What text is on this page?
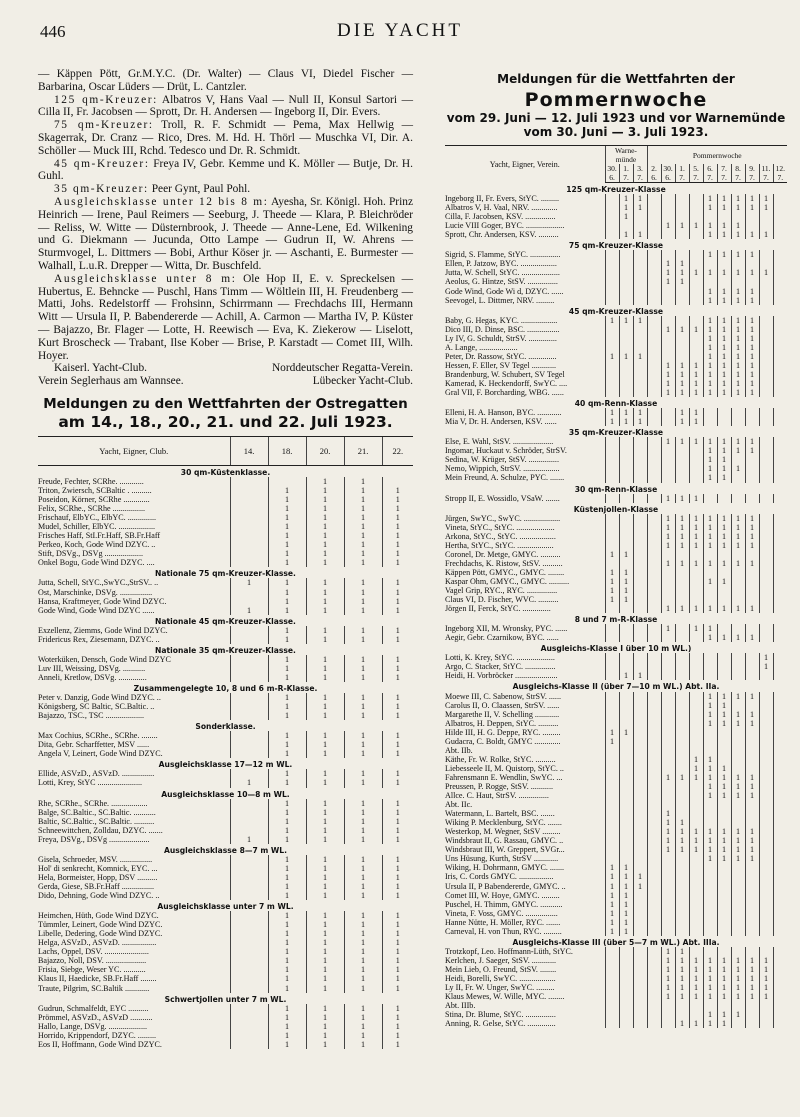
446	DIE YACHT

— Käppen Pött, Gr.M.Y.C. (Dr. Walter) — Claus VI, Diedel Fischer — Barbarina, Oscar Lüders — Drüt, L. Cantzler.

125 qm-Kreuzer: Albatros V, Hans Vaal — Null II, Konsul Sartori — Cilla II, Fr. Jacobsen — Sprott, Dr. H. Andersen — Ingeborg II, Dir. Evers.

75 qm-Kreuzer: Troll, R. F. Schmidt — Pema, Max Hellwig — Skagerrak, Dr. Cranz — Rico, Dres. M. Hd. H. Thörl — Muschka VI, Dir. A. Schöller — Muck III, Rchd. Tedesco und Dr. R. Schmidt.

45 qm-Kreuzer: Freya IV, Gebr. Kemme und K. Möller — Butje, Dr. H. Guhl.

35 qm-Kreuzer: Peer Gynt, Paul Pohl.

Ausgleichsklasse unter 12 bis 8 m: Ayesha, Sr. Königl. Hoh. Prinz Heinrich — Irene, Paul Reimers — Seeburg, J. Theede — Klara, P. Bleichröder — Reliss, W. Witte — Düsternbrook, J. Theede — Anne-Lene, Ed. Wilkening und G. Diekmann — Jucunda, Otto Lampe — Gudrun II, W. Ahrens — Sturmvogel, L. Dittmers — Bobi, Arthur Köser jr. — Aschanti, E. Burmester — Walhall, L.u.R. Drepper — Witta, Dr. Buschfeld.

Ausgleichsklasse unter 8 m: Ole Hop II, E. v. Spreckelsen — Hubertus, E. Behncke — Puschl, Hans Timm — Wöltlein III, H. Freudenberg — Matti, Johs. Redelstorff — Frohsinn, Schirrmann — Frechdachs III, Hermann Witt — Ursula II, P. Babendererde — Achill, A. Carmon — Martha IV, P. Küster — Bajazzo, Br. Flager — Lotte, H. Reewisch — Eva, K. Ziekerow — Liselott, Kurt Broscheck — Trabant, Ilse Kober — Brise, P. Karstadt — Comet III, Wilh. Hoyer.

Kaiserl. Yacht-Club.	Norddeutscher Regatta-Verein.
Verein Seglerhaus am Wannsee.	Lübecker Yacht-Club.
Meldungen zu den Wettfahrten der Ostregatten
am 14., 18., 20., 21. und 22. Juli 1923.
Yacht, Eigner, Club.	14.	18.	20.	21.	22.
30 qm-Küstenklasse.					
Freude, Fechter, SCRhe. ............			1	1	
Triton, Zwiersch, SCBaltic . ..........		1	1	1	1
Poseidon, Körner, SCRhe .............		1	1	1	1
Felix, SCRhe., SCRhe ................		1	1	1	1
Frischauf, ElbYC., ElbYC. ..............		1	1	1	1
Mudel, Schiller, ElbYC. ..................		1	1	1	1
Frisches Haff, StI.Fr.Haff, SB.Fr.Haff		1	1	1	1
Perkeo, Koch, Gode Wind DZYC. ..		1	1	1	1
Stift, DSVg., DSVg ...................		1	1	1	1
Onkel Bogu, Gode Wind DZYC. ....		1	1	1	1
Nationale 75 qm-Kreuzer-Klasse.					
Jutta, Schell, StYC.,SwYC.,StrSV.. ..	1	1	1	1	1
Ost, Marschinke, DSVg. ................		1	1	1	1
Hansa, Kraftmeyer, Gode Wind DZYC.		1	1	1	1
Gode Wind, Gode Wind DZYC ......	1	1	1	1	1
Nationale 45 qm-Kreuzer-Klasse.					
Exzellenz, Ziemms, Gode Wind DZYC.		1	1	1	1
Fridericus Rex, Ziesemann, DZYC. ..		1	1	1	1
Nationale 35 qm-Kreuzer-Klasse.					
Woterküken, Densch, Gode Wind DZYC		1	1	1	1
Luv III, Weissing, DSVg. ...........		1	1	1	1
Anneli, Kretlow, DSVg. ..............		1	1	1	1
Zusammengelegte 10, 8 und 6 m-R-Klasse.					
Peter v. Danzig, Gode Wind DZYC. ..		1	1	1	1
Königsberg, SC Baltic, SC.Baltic. ..		1	1	1	1
Bajazzo, TSC., TSC ...................		1	1	1	1
Sonderklasse.					
Max Cochius, SCRhe., SCRhe. ........		1	1	1	1
Dita, Gebr. Scharffetter, MSV ......		1	1	1	1
Angela V, Leinert, Gode Wind DZYC.		1	1	1	1
Ausgleichsklasse 17—12 m WL.					
Ellide, ASVzD., ASVzD. ................		1	1	1	1
Lotti, Krey, StYC ......................	1	1	1	1	1
Ausgleichsklasse 10—8 m WL.					
Rhe, SCRhe., SCRhe. ..................		1	1	1	1
Balge, SC.Baltic., SC.Baltic. ...........		1	1	1	1
Baltic, SC.Baltic., SC.Baltic. ..........		1	1	1	1
Schneewittchen, Zolldau, DZYC. .......		1	1	1	1
Freya, DSVg., DSVg ....................	1	1	1	1	1
Ausgleichsklasse 8—7 m WL.					
Gisela, Schroeder, MSV. ................		1	1	1	1
Hol' di senkrecht, Komnick, EYC. ...		1	1	1	1
Hela, Bormeister, Hopp, DSV ..........		1	1	1	1
Gerda, Giese, SB.Fr.Haff ................		1	1	1	1
Dido, Dehning, Gode Wind DZYC. ..		1	1	1	1
Ausgleichsklasse unter 7 m WL.					
Heimchen, Hüth, Gode Wind DZYC.		1	1	1	1
Tümmler, Leinert, Gode Wind DZYC.		1	1	1	1
Libelle, Dedering, Gode Wind DZYC.		1	1	1	1
Helga, ASVzD., ASVzD. .................		1	1	1	1
Lachs, Oppel, DSV. ......................		1	1	1	1
Bajazzo, Noll, DSV. ....................		1	1	1	1
Frisia, Siebge, Weser YC. ...........		1	1	1	1
Klaus II, Haedicke, SB.Fr.Haff ........		1	1	1	1
Traute, Pilgrim, SC.Baltik ............		1	1	1	1
Schwertjollen unter 7 m WL.					
Gudrun, Schmalfeldt, EYC ..........		1	1	1	1
Prömmel, ASVzD., ASVzD ...........		1	1	1	1
Hallo, Lange, DSVg. ...................		1	1	1	1
Horrido, Krippendorf, DZYC. .........		1	1	1	1
Eos II, Hoffmann, Gode Wind DZYC.		1	1	1	1
Meldungen für die Wettfahrten der
Pommernwoche
vom 29. Juni — 12. Juli 1923 und vor Warnemünde
vom 30. Juni — 3. Juli 1923.
Yacht, Eigner, Verein.	Warne-münde			Pommernwoche									
	30. 6.	1. 7.	3. 7.	2. 6.	30. 6.	1. 7.	5. 7.	6. 7.	7. 7.	8. 7.	9. 7.	11. 7.	12. 7.
125 qm-Kreuzer-Klasse													
Ingeborg II, Fr. Evers, StYC. .........		1	1					1	1	1	1	1	
Albatros V, H. Vaal, NRV. .............		1	1					1	1	1	1	1	
Cilla, F. Jacobsen, KSV. ...............		1											
Lucie VIII Goger, BYC. ...................					1	1	1	1	1	1			
Sprott, Chr. Andersen, KSV. ..........		1	1					1	1	1	1	1	
75 qm-Kreuzer-Klasse													
Sigrid, S. Flamme, StYC. ...............								1	1	1	1		
Ellen, P. Jatzow, BYC. ..................					1	1							
Jutta, W. Schell, StYC. ...................					1	1	1	1	1	1	1	1	
Aeolus, G. Hintze, StSV. ...............					1	1							
Gode Wind, Gode Wi d, DZYC. ......								1	1	1	1		
Seevogel, L. Dittmer, NRV. .........								1	1	1	1		
45 qm-Kreuzer-Klasse													
Baby, G. Hegas, KYC. ..................	1	1	1					1	1	1	1		
Dico III, D. Dinse, BSC. ................					1	1	1	1	1	1	1		
Ly IV, G. Schuldt, StrSV. ..............								1	1	1	1		
A. Lange, ...................								1	1	1	1		
Peter, Dr. Rassow, StYC. ..............	1	1	1					1	1	1	1		
Hessen, F. Eller, SV Tegel ............					1	1	1	1	1	1	1		
Brandenburg, W. Schubert, SV Tegel					1	1	1	1	1	1	1		
Kamerad, K. Heckendorff, SwYC. ....					1	1	1	1	1	1	1		
Gral VII, F. Borcharding, WBG. ......					1	1	1	1	1	1	1		
40 qm-Renn-Klasse													
Elleni, H. A. Hanson, BYC. ............	1	1	1			1	1						
Mia V, Dr. H. Andersen, KSV. ......	1	1	1			1	1						
35 qm-Kreuzer-Klasse													
Else, E. Wahl, StSV. ....................					1	1	1	1	1	1	1		
Ingomar, Huckaut v. Schröder, StrSV.								1	1	1	1		
Sedina, W. Krüger, StSV. ...............								1	1				
Nemo, Wippich, StrSV. ..................								1	1	1			
Mein Freund, A. Schulze, PYC. .......								1	1				
30 qm-Renn-Klasse													
Stropp II, E. Wossidlo, VSaW. .......					1	1	1						
Küstenjollen-Klasse													
Jürgen, SwYC., SwYC. ..................					1	1	1	1	1	1	1		
Vineta, StYC., StYC. ...................					1	1	1	1	1	1	1		
Arkona, StYC., StYC. ..................					1	1	1	1	1	1	1		
Hertha, StYC., StYC. ..................					1	1	1	1	1	1	1		
Coronel, Dr. Metge, GMYC. ..........	1	1											
Frechdachs, K. Ristow, StSV. ..........					1	1	1	1	1	1	1		
Käppen Pött, GMYC., GMYC. ........	1	1											
Kaspar Ohm, GMYC., GMYC. ..........	1	1						1	1				
Vagel Grip, RYC., RYC. ...............	1	1											
Claus VI, D. Fischer, WVC. ..........	1	1											
Jörgen II, Ferck, StYC. ..............					1	1	1	1	1	1	1		
8 und 7 m-R-Klasse													
Ingeborg XII, M. Wronsky, PYC. ......					1		1	1					
Aegir, Gebr. Czarnikow, BYC. ......								1	1	1	1		
Ausgleichs-Klasse I über 10 m WL.)													
Lotti, K. Krey, StYC. ...................												1	
Argo, C. Stacker, StYC. ...............												1	
Heidi, H. Vorbröcker .....................		1	1										
Ausgleichs-Klasse II (über 7—10 m WL.) Abt. IIa.													
Moewe III, C. Sabenow, StrSV. ......								1	1	1	1		
Carolus II, O. Claassen, StrSV. ......								1	1				
Margarethe II, V. Schelling ............								1	1	1	1		
Albatros, H. Deppen, StYC. ..........								1	1	1	1		
Hilde III, H. G. Deppe, RYC. .........	1	1											
Gudacra, C. Boldt, GMYC .............	1												
Abt. IIb.													
Käthe, Fr. W. Rolke, StYC. ..........							1	1					
Liebesseele II, M. Quistorp, StYC. ..							1	1	1				
Fahrensmann E. Wendlin, SwYC. ...					1	1	1	1	1	1	1		
Preussen, P. Rogge, StSV. ...........								1	1	1	1		
Allce. C. Haut, StrSV. ...............								1	1	1	1		
Abt. IIc.													
Watermann, L. Bartelt, BSC. .......					1								
Wiking P. Mecklenburg, StYC. .......					1	1							
Westerkop, M. Wegner, StSV .........					1	1	1	1	1	1	1		
Windsbraut II, G. Rassau, GMYC. ..					1	1	1	1	1	1	1		
Windsbraut III, W. Greppert, SVGr...					1	1	1	1	1	1	1		
Uns Hüsung, Kurth, StrSV ............								1	1	1	1		
Wiking, H. Dohrmann, GMYC. .......	1	1											
Iris, C. Cords GMYC. .................	1	1	1										
Ursula II, P Babendererde, GMYC. ..	1	1	1										
Comet III, W. Hoye, GMYC. .........	1	1											
Puschel, H. Thimm, GMYC. ...........	1	1											
Vineta, F. Voss, GMYC. ................	1	1											
Hanne Nütte, H. Möller, RYC. .......	1	1											
Carneval, H. von Thun, RYC. .........	1	1											
Ausgleichs-Klasse III (über 5—7 m WL.) Abt. IIIa.													
Trotzkopf, Leo. Hoffmann-Lüth, StYC.					1	1							
Kerlchen, J. Saeger, StSV. ............					1	1	1	1	1	1	1	1	
Mein Lieb, O. Freund, StSV. ........					1	1	1	1	1	1	1	1	
Heidi, Borelli, SwYC. ..................					1	1	1	1	1	1	1	1	
Ly II, Fr. W. Unger, SwYC. .........					1	1	1	1	1	1	1	1	
Klaus Mewes, W. Wille, MYC. ........					1	1	1	1	1	1	1	1	
Abt. IIIb.													
Stina, Dr. Blume, StYC. ...............								1	1	1			
Anning, R. Gelse, StYC. ..............						1	1	1	1				
